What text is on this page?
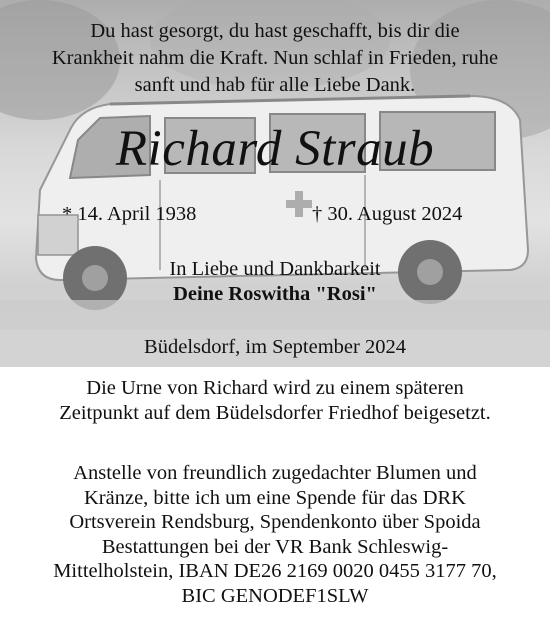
Du hast gesorgt, du hast geschafft, bis dir die
Krankheit nahm die Kraft. Nun schlaf in Frieden, ruhe
sanft und hab für alle Liebe Dank.
Richard Straub
* 14. April 1938	† 30. August 2024
In Liebe und Dankbarkeit
Deine Roswitha "Rosi"
Büdelsdorf, im September 2024
Die Urne von Richard wird zu einem späteren
Zeitpunkt auf dem Büdelsdorfer Friedhof beigesetzt.
Anstelle von freundlich zugedachter Blumen und
Kränze, bitte ich um eine Spende für das DRK
Ortsverein Rendsburg, Spendenkonto über Spoida
Bestattungen bei der VR Bank Schleswig-
Mittelholstein, IBAN DE26 2169 0020 0455 3177 70,
BIC GENODEF1SLW
